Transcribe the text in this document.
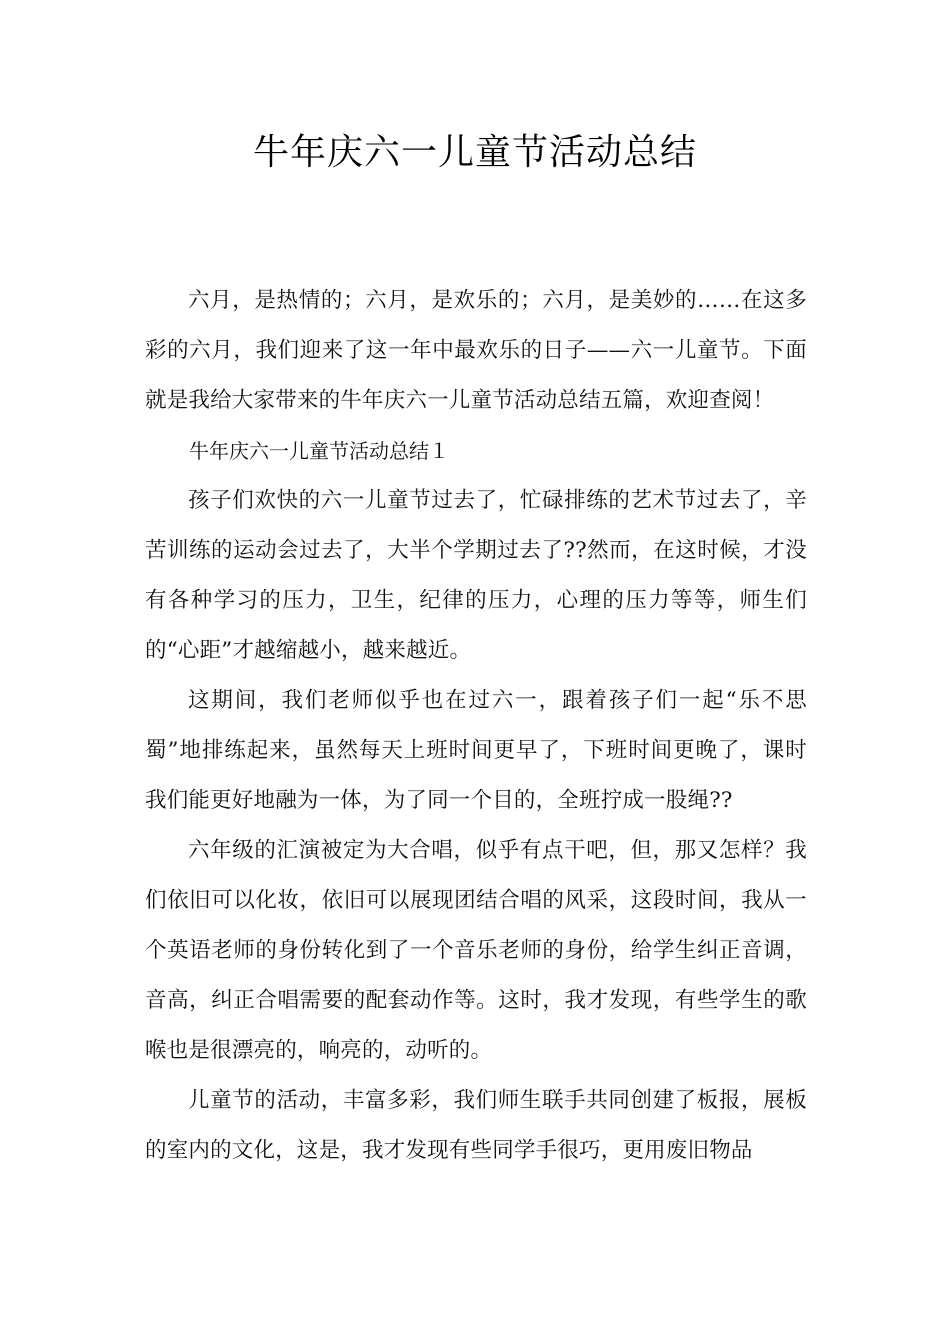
牛年庆六一儿童节活动总结

六月，是热情的；六月，是欢乐的；六月，是美妙的……在这多彩的六月，我们迎来了这一年中最欢乐的日子——六一儿童节。下面就是我给大家带来的牛年庆六一儿童节活动总结五篇，欢迎查阅！

牛年庆六一儿童节活动总结１

孩子们欢快的六一儿童节过去了，忙碌排练的艺术节过去了，辛苦训练的运动会过去了，大半个学期过去了??然而，在这时候，才没有各种学习的压力，卫生，纪律的压力，心理的压力等等，师生们的“心距”才越缩越小，越来越近。

这期间，我们老师似乎也在过六一，跟着孩子们一起“乐不思蜀”地排练起来，虽然每天上班时间更早了，下班时间更晚了，课时我们能更好地融为一体，为了同一个目的，全班拧成一股绳??

六年级的汇演被定为大合唱，似乎有点干吧，但，那又怎样？我们依旧可以化妆，依旧可以展现团结合唱的风采，这段时间，我从一个英语老师的身份转化到了一个音乐老师的身份，给学生纠正音调，音高，纠正合唱需要的配套动作等。这时，我才发现，有些学生的歌喉也是很漂亮的，响亮的，动听的。

儿童节的活动，丰富多彩，我们师生联手共同创建了板报，展板的室内的文化，这是，我才发现有些同学手很巧，更用废旧物品
